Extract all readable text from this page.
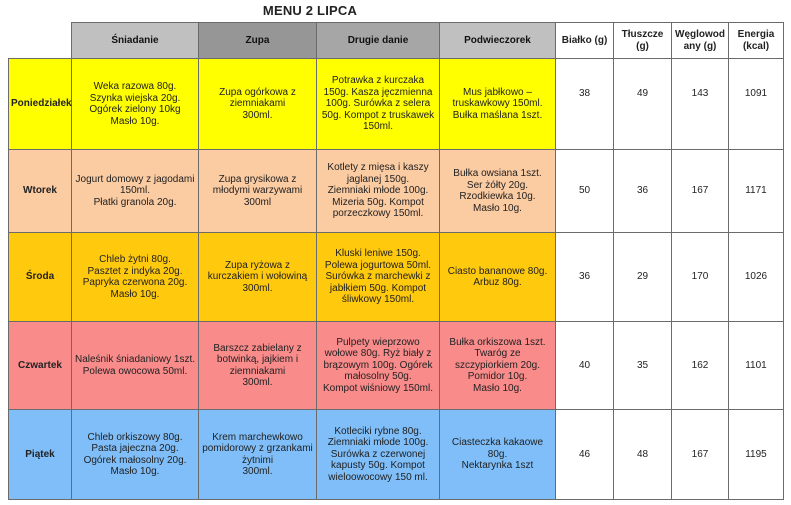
MENU 2 LIPCA
	Śniadanie	Zupa	Drugie danie	Podwieczorek	Białko (g)	Tłuszcze (g)	Węglowod any (g)	Energia (kcal)
Poniedziałek	Weka razowa 80g.
Szynka wiejska 20g.
Ogórek zielony 10kg
Masło 10g.	Zupa ogórkowa z ziemniakami
300ml.	Potrawka z kurczaka 150g. Kasza jęczmienna 100g. Surówka z selera 50g. Kompot z truskawek 150ml.	Mus jabłkowo – truskawkowy 150ml.
Bułka maślana 1szt.	38	49	143	1091
Wtorek	Jogurt domowy z jagodami 150ml.
Płatki granola 20g.	Zupa grysikowa z młodymi warzywami
300ml	Kotlety z mięsa i kaszy jaglanej 150g.
Ziemniaki młode 100g.
Mizeria 50g. Kompot porzeczkowy 150ml.	Bułka owsiana 1szt.
Ser żółty 20g.
Rzodkiewka 10g.
Masło 10g.	50	36	167	1171
Środa	Chleb żytni 80g.
Pasztet z indyka 20g.
Papryka czerwona 20g.
Masło 10g.	Zupa ryżowa z kurczakiem i wołowiną
300ml.	Kluski leniwe 150g.
Polewa jogurtowa 50ml.
Surówka z marchewki z jabłkiem 50g. Kompot śliwkowy 150ml.	Ciasto bananowe 80g.
Arbuz 80g.	36	29	170	1026
Czwartek	Naleśnik śniadaniowy 1szt.
Polewa owocowa 50ml.	Barszcz zabielany z botwinką, jajkiem i ziemniakami
300ml.	Pulpety wieprzowo wołowe 80g. Ryż biały z brązowym 100g. Ogórek małosolny 50g.
Kompot wiśniowy 150ml.	Bułka orkiszowa 1szt.
Twaróg ze szczypiorkiem 20g.
Pomidor 10g.
Masło 10g.	40	35	162	1101
Piątek	Chleb orkiszowy 80g.
Pasta jajeczna 20g.
Ogórek małosolny 20g.
Masło 10g.	Krem marchewkowo pomidorowy z grzankami żytnimi
300ml.	Kotleciki rybne 80g.
Ziemniaki młode 100g.
Surówka z czerwonej kapusty 50g. Kompot wieloowocowy 150 ml.	Ciasteczka kakaowe 80g.
Nektarynka 1szt	46	48	167	1195
